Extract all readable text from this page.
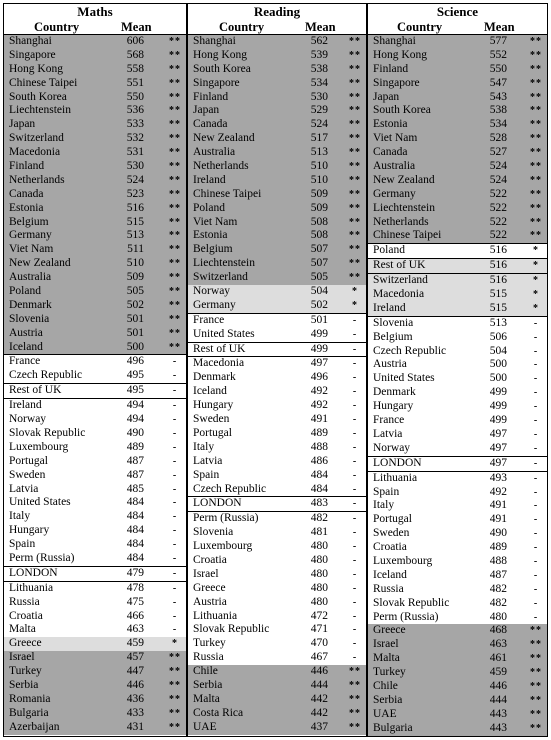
Maths
Country	Mean
Shanghai	606	**
Singapore	568	**
Hong Kong	558	**
Chinese Taipei	551	**
South Korea	550	**
Liechtenstein	536	**
Japan	533	**
Switzerland	532	**
Macedonia	531	**
Finland	530	**
Netherlands	524	**
Canada	523	**
Estonia	516	**
Belgium	515	**
Germany	513	**
Viet Nam	511	**
New Zealand	510	**
Australia	509	**
Poland	505	**
Denmark	502	**
Slovenia	501	**
Austria	501	**
Iceland	500	**
France	496	-
Czech Republic	495	-
Rest of UK	495	-
Ireland	494	-
Norway	494	-
Slovak Republic	490	-
Luxembourg	489	-
Portugal	487	-
Sweden	487	-
Latvia	485	-
United States	484	-
Italy	484	-
Hungary	484	-
Spain	484	-
Perm (Russia)	484	-
LONDON	479	-
Lithuania	478	-
Russia	475	-
Croatia	466	-
Malta	463	-
Greece	459	*
Israel	457	**
Turkey	447	**
Serbia	446	**
Romania	436	**
Bulgaria	433	**
Azerbaijan	431	**
Reading
Country	Mean
Shanghai	562 **
Hong Kong	539 **
South Korea	538 **
Singapore	534 **
Finland	530 **
Japan	529 **
Canada	524 **
New Zealand	517 **
Australia	513 **
Netherlands	510 **
Ireland	510 **
Chinese Taipei	509 **
Poland	509 **
Viet Nam	508 **
Estonia	508 **
Belgium	507 **
Liechtenstein	507 **
Switzerland	505 **
Norway	504	*
Germany	502	*
France	501	-
United States	499	-
Rest of UK	499	-
Macedonia	497	-
Denmark	496	-
Iceland	492	-
Hungary	492	-
Sweden	491	-
Portugal	489	-
Italy	488	-
Latvia	486	-
Spain	484	-
Czech Republic	484	-
LONDON	483	-
Perm (Russia)	482	-
Slovenia	481	-
Luxembourg	480	-
Croatia	480	-
Israel	480	-
Greece	480	-
Austria	480	-
Lithuania	472	-
Slovak Republic	471	-
Turkey	470	-
Russia	467	-
Chile	446 **
Serbia	444 **
Malta	442 **
Costa Rica	442 **
UAE	437 **
Science
Country	Mean
Shanghai	577 **
Hong Kong	552 **
Finland	550 **
Singapore	547 **
Japan	543 **
South Korea	538 **
Estonia	534 **
Viet Nam	528 **
Canada	527 **
Australia	524 **
New Zealand	524 **
Germany	522 **
Liechtenstein	522 **
Netherlands	522 **
Chinese Taipei	522 **
Poland	516	*
Rest of UK	516	*
Switzerland	516	*
Macedonia	515	*
Ireland	515	*
Slovenia	513	-
Belgium	506	-
Czech Republic	504	-
Austria	500	-
United States	500	-
Denmark	499	-
Hungary	499	-
France	499	-
Latvia	497	-
Norway	497	-
LONDON	497	-
Lithuania	493	-
Spain	492	-
Italy	491	-
Portugal	491	-
Sweden	490	-
Croatia	489	-
Luxembourg	488	-
Iceland	487	-
Russia	482	-
Slovak Republic	482	-
Perm (Russia)	480	-
Greece	468 **
Israel	463 **
Malta	461 **
Turkey	459 **
Chile	446 **
Serbia	444 **
UAE	443 **
Bulgaria	443 **
